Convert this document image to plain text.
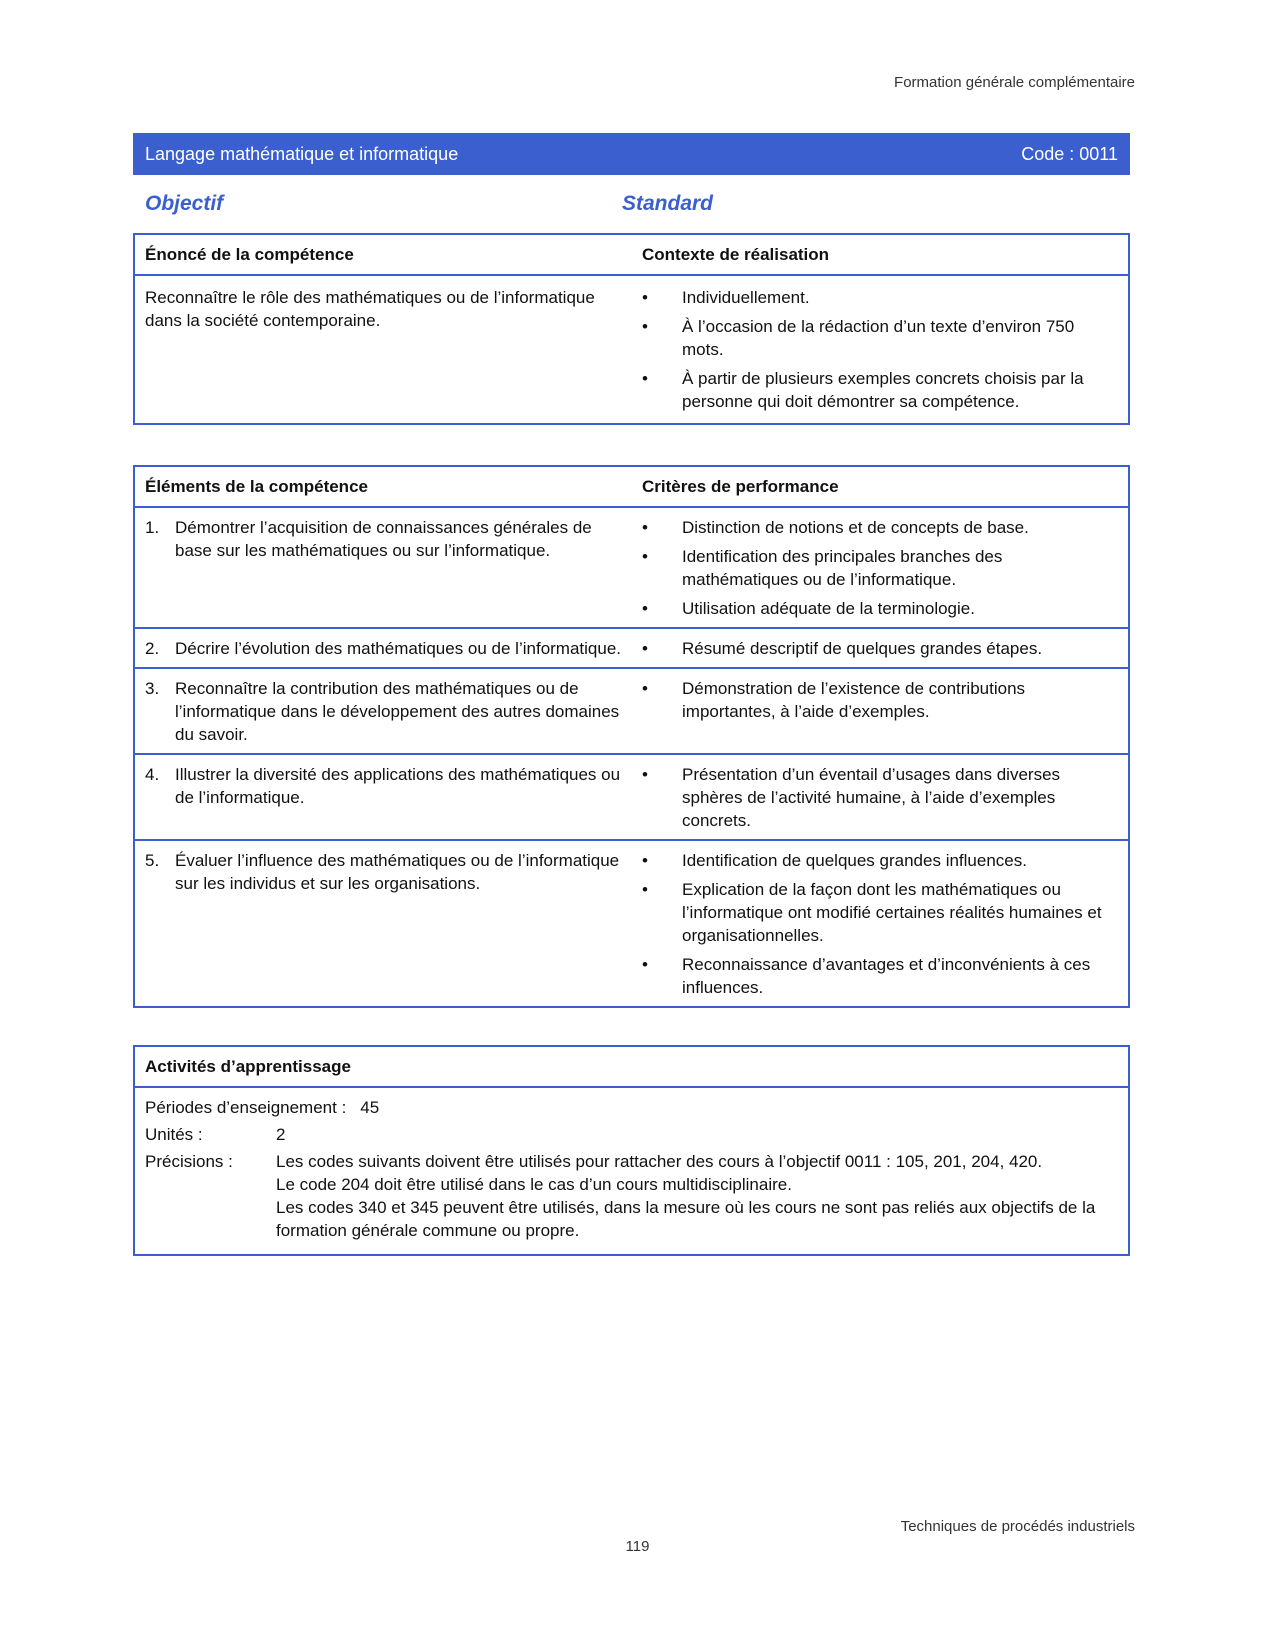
Formation générale complémentaire
Langage mathématique et informatique	Code : 0011
Objectif	Standard
Énoncé de la compétence	Contexte de réalisation
Reconnaître le rôle des mathématiques ou de l’informatique dans la société contemporaine.
• Individuellement.
• À l’occasion de la rédaction d’un texte d’environ 750 mots.
• À partir de plusieurs exemples concrets choisis par la personne qui doit démontrer sa compétence.
Éléments de la compétence	Critères de performance
1. Démontrer l’acquisition de connaissances générales de base sur les mathématiques ou sur l’informatique.
• Distinction de notions et de concepts de base.
• Identification des principales branches des mathématiques ou de l’informatique.
• Utilisation adéquate de la terminologie.
2. Décrire l’évolution des mathématiques ou de l’informatique.
•	Résumé descriptif de quelques grandes étapes.
3. Reconnaître la contribution des mathématiques ou de l’informatique dans le développement des autres domaines du savoir.
• Démonstration de l’existence de contributions importantes, à l’aide d’exemples.
4. Illustrer la diversité des applications des mathématiques ou de l’informatique.
• Présentation d’un éventail d’usages dans diverses sphères de l’activité humaine, à l’aide d’exemples concrets.
5. Évaluer l’influence des mathématiques ou de l’informatique sur les individus et sur les organisations.
• Identification de quelques grandes influences.
• Explication de la façon dont les mathématiques ou l’informatique ont modifié certaines réalités humaines et organisationnelles.
• Reconnaissance d’avantages et d’inconvénients à ces influences.
Activités d’apprentissage
Périodes d’enseignement : 45
Unités :	2
Précisions :	Les codes suivants doivent être utilisés pour rattacher des cours à l’objectif 0011 : 105, 201, 204, 420.
Le code 204 doit être utilisé dans le cas d’un cours multidisciplinaire.
Les codes 340 et 345 peuvent être utilisés, dans la mesure où les cours ne sont pas reliés aux objectifs de la formation générale commune ou propre.
Techniques de procédés industriels
119
